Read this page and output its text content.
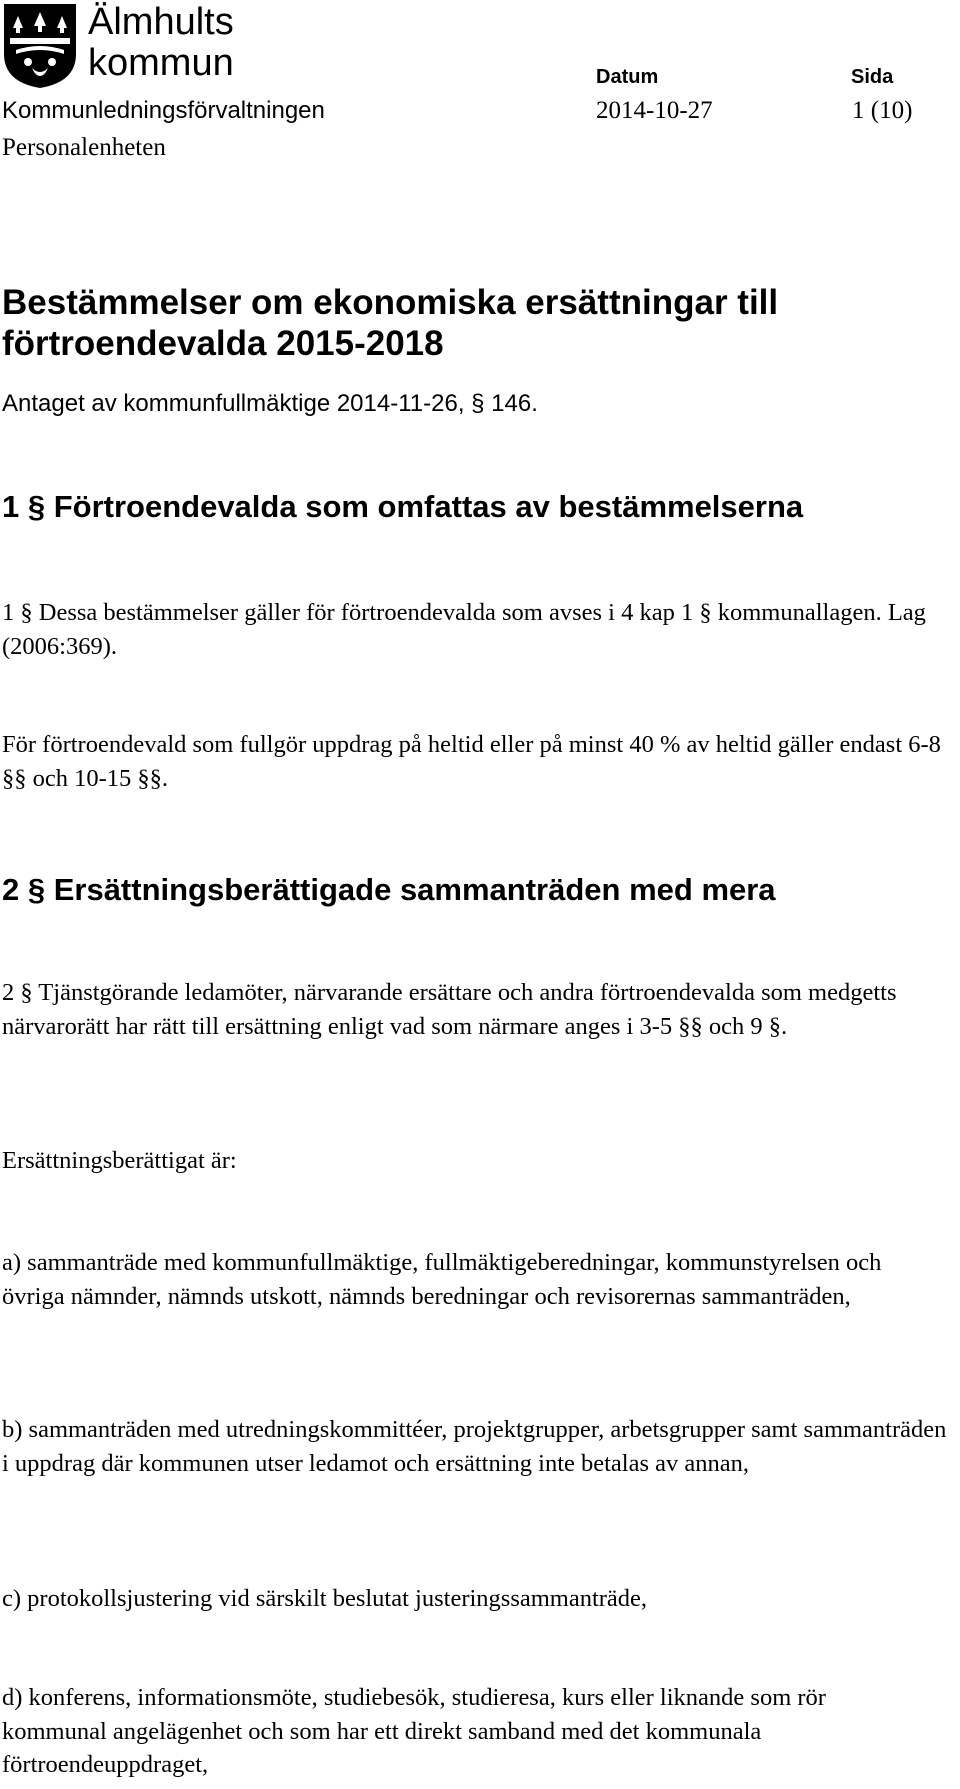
Älmhults
kommun	Datum	Sida
Kommunledningsförvaltningen	2014-10-27	1 (10)
Personalenheten
Bestämmelser om ekonomiska ersättningar till förtroendevalda 2015-2018
Antaget av kommunfullmäktige 2014-11-26, § 146.
1 § Förtroendevalda som omfattas av bestämmelserna
1 § Dessa bestämmelser gäller för förtroendevalda som avses i 4 kap 1 § kommunallagen. Lag (2006:369).
För förtroendevald som fullgör uppdrag på heltid eller på minst 40 % av heltid gäller endast 6-8 §§ och 10-15 §§.
2 § Ersättningsberättigade sammanträden med mera
2 § Tjänstgörande ledamöter, närvarande ersättare och andra förtroendevalda som medgetts närvarorätt har rätt till ersättning enligt vad som närmare anges i 3-5 §§ och 9 §.
Ersättningsberättigat är:
a) sammanträde med kommunfullmäktige, fullmäktigeberedningar, kommunstyrelsen och övriga nämnder, nämnds utskott, nämnds beredningar och revisorernas sammanträden,
b) sammanträden med utredningskommittéer, projektgrupper, arbetsgrupper samt sammanträden i uppdrag där kommunen utser ledamot och ersättning inte betalas av annan,
c) protokollsjustering vid särskilt beslutat justeringssammanträde,
d) konferens, informationsmöte, studiebesök, studieresa, kurs eller liknande som rör kommunal angelägenhet och som har ett direkt samband med det kommunala förtroendeuppdraget,
